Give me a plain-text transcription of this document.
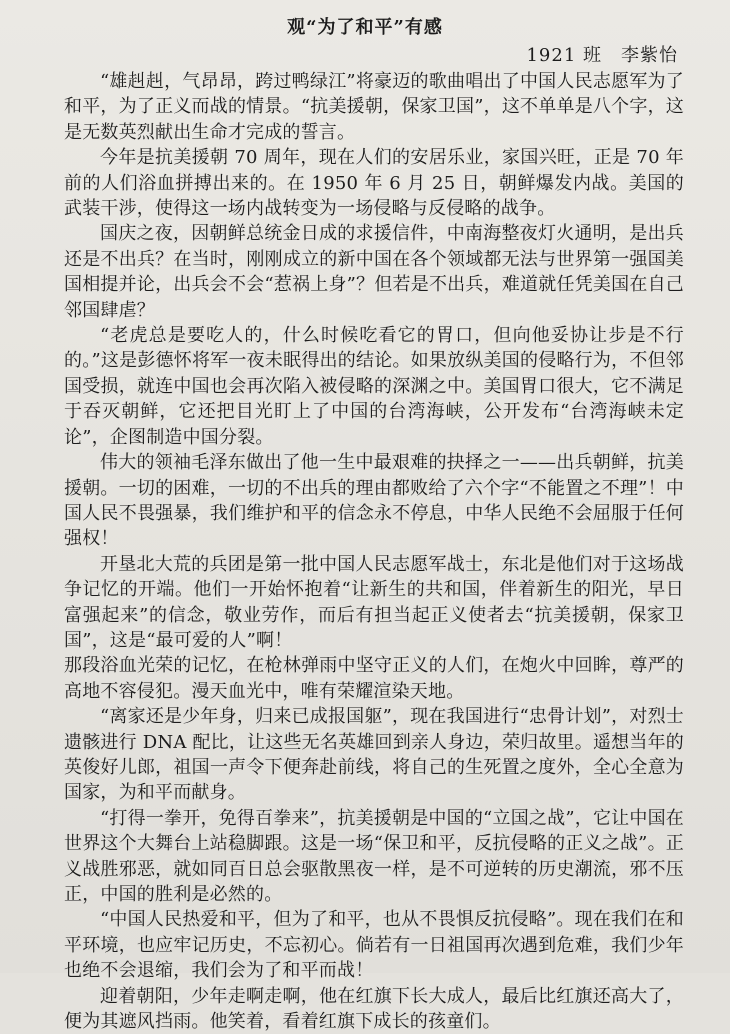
观“为了和平”有感
1921 班　李紫怡

“雄赳赳，气昂昂，跨过鸭绿江”将豪迈的歌曲唱出了中国人民志愿军为了和平，为了正义而战的情景。“抗美援朝，保家卫国”，这不单单是八个字，这是无数英烈献出生命才完成的誓言。

今年是抗美援朝 70 周年，现在人们的安居乐业，家国兴旺，正是 70 年前的人们浴血拼搏出来的。在 1950 年 6 月 25 日，朝鲜爆发内战。美国的武装干涉，使得这一场内战转变为一场侵略与反侵略的战争。

国庆之夜，因朝鲜总统金日成的求援信件，中南海整夜灯火通明，是出兵还是不出兵？在当时，刚刚成立的新中国在各个领域都无法与世界第一强国美国相提并论，出兵会不会“惹祸上身”？但若是不出兵，难道就任凭美国在自己邻国肆虐？

“老虎总是要吃人的，什么时候吃看它的胃口，但向他妥协让步是不行的。”这是彭德怀将军一夜未眠得出的结论。如果放纵美国的侵略行为，不但邻国受损，就连中国也会再次陷入被侵略的深渊之中。美国胃口很大，它不满足于吞灭朝鲜，它还把目光盯上了中国的台湾海峡，公开发布“台湾海峡未定论”，企图制造中国分裂。

伟大的领袖毛泽东做出了他一生中最艰难的抉择之一——出兵朝鲜，抗美援朝。一切的困难，一切的不出兵的理由都败给了六个字“不能置之不理”！中国人民不畏强暴，我们维护和平的信念永不停息，中华人民绝不会屈服于任何强权！

开垦北大荒的兵团是第一批中国人民志愿军战士，东北是他们对于这场战争记忆的开端。他们一开始怀抱着“让新生的共和国，伴着新生的阳光，早日富强起来”的信念，敬业劳作，而后有担当起正义使者去“抗美援朝，保家卫国”，这是“最可爱的人”啊！

那段浴血光荣的记忆，在枪林弹雨中坚守正义的人们，在炮火中回眸，尊严的高地不容侵犯。漫天血光中，唯有荣耀渲染天地。

“离家还是少年身，归来已成报国躯”，现在我国进行“忠骨计划”，对烈士遗骸进行 DNA 配比，让这些无名英雄回到亲人身边，荣归故里。遥想当年的英俊好儿郎，祖国一声令下便奔赴前线，将自己的生死置之度外，全心全意为国家，为和平而献身。

“打得一拳开，免得百拳来”，抗美援朝是中国的“立国之战”，它让中国在世界这个大舞台上站稳脚跟。这是一场“保卫和平，反抗侵略的正义之战”。正义战胜邪恶，就如同百日总会驱散黑夜一样，是不可逆转的历史潮流，邪不压正，中国的胜利是必然的。

“中国人民热爱和平，但为了和平，也从不畏惧反抗侵略”。现在我们在和平环境，也应牢记历史，不忘初心。倘若有一日祖国再次遇到危难，我们少年也绝不会退缩，我们会为了和平而战！

迎着朝阳，少年走啊走啊，他在红旗下长大成人，最后比红旗还高大了，便为其遮风挡雨。他笑着，看着红旗下成长的孩童们。
